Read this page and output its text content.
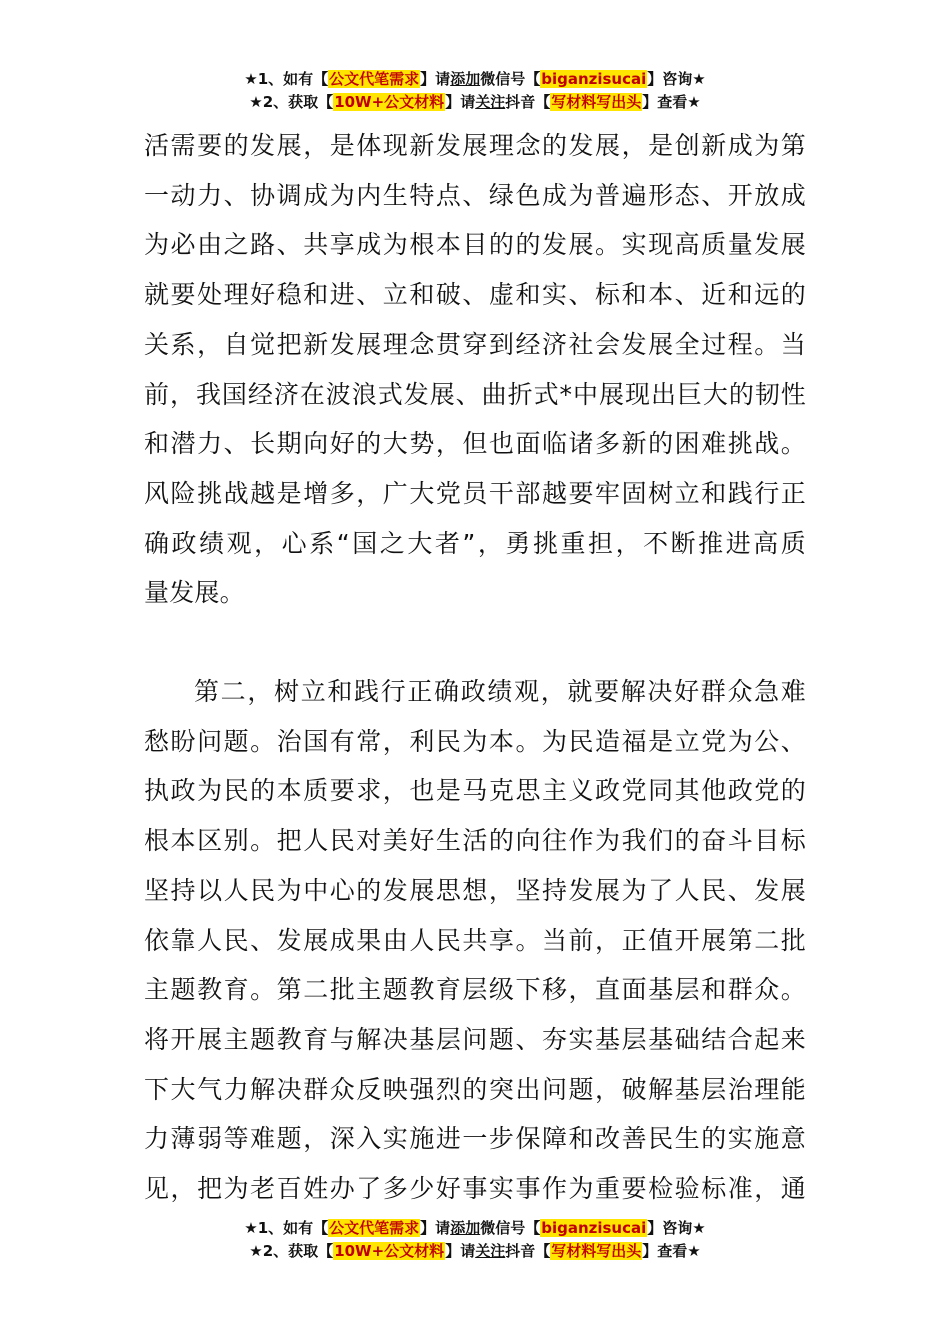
★1、如有【公文代笔需求】请添加微信号【biganzisucai】咨询★
★2、获取【10W+公文材料】请关注抖音【写材料写出头】查看★

活需要的发展，是体现新发展理念的发展，是创新成为第
一动力、协调成为内生特点、绿色成为普遍形态、开放成
为必由之路、共享成为根本目的的发展。实现高质量发展
就要处理好稳和进、立和破、虚和实、标和本、近和远的
关系，自觉把新发展理念贯穿到经济社会发展全过程。当
前，我国经济在波浪式发展、曲折式*中展现出巨大的韧性
和潜力、长期向好的大势，但也面临诸多新的困难挑战。
风险挑战越是增多，广大党员干部越要牢固树立和践行正
确政绩观，心系“国之大者”，勇挑重担，不断推进高质
量发展。

第二，树立和践行正确政绩观，就要解决好群众急难
愁盼问题。治国有常，利民为本。为民造福是立党为公、
执政为民的本质要求，也是马克思主义政党同其他政党的
根本区别。把人民对美好生活的向往作为我们的奋斗目标
坚持以人民为中心的发展思想，坚持发展为了人民、发展
依靠人民、发展成果由人民共享。当前，正值开展第二批
主题教育。第二批主题教育层级下移，直面基层和群众。
将开展主题教育与解决基层问题、夯实基层基础结合起来
下大气力解决群众反映强烈的突出问题，破解基层治理能
力薄弱等难题，深入实施进一步保障和改善民生的实施意
见，把为老百姓办了多少好事实事作为重要检验标准，通

★1、如有【公文代笔需求】请添加微信号【biganzisucai】咨询★
★2、获取【10W+公文材料】请关注抖音【写材料写出头】查看★
